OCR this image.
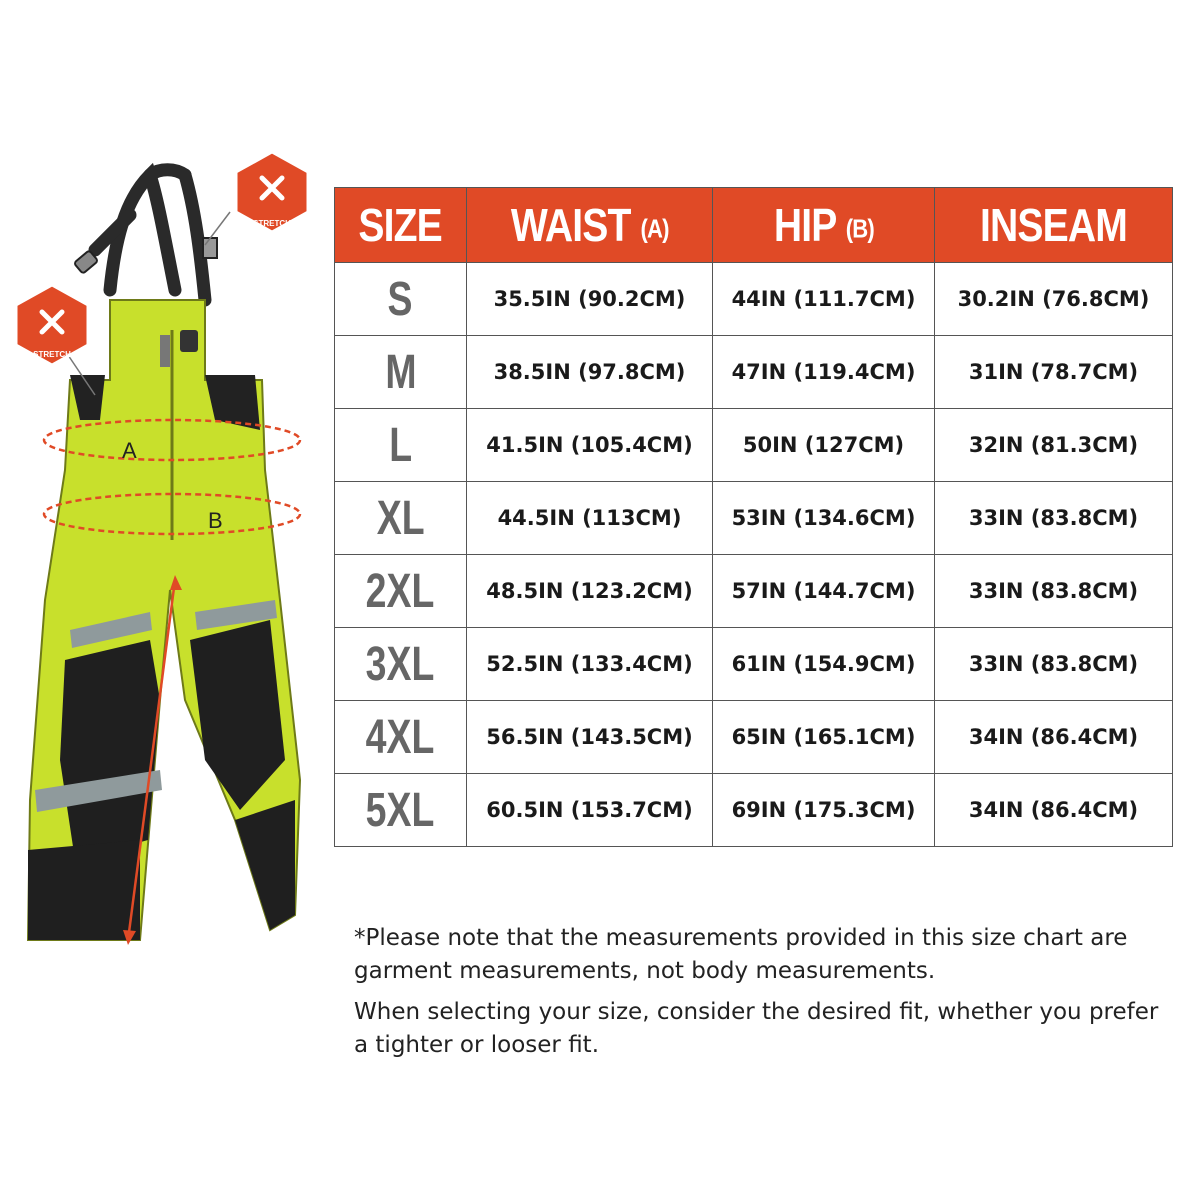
A
B
STRETCH
STRETCH
SIZE	WAIST (A)	HIP (B)	INSEAM
S	35.5IN (90.2CM)	44IN (111.7CM)	30.2IN (76.8CM)
M	38.5IN (97.8CM)	47IN (119.4CM)	31IN (78.7CM)
L	41.5IN (105.4CM)	50IN (127CM)	32IN (81.3CM)
XL	44.5IN (113CM)	53IN (134.6CM)	33IN (83.8CM)
2XL	48.5IN (123.2CM)	57IN (144.7CM)	33IN (83.8CM)
3XL	52.5IN (133.4CM)	61IN (154.9CM)	33IN (83.8CM)
4XL	56.5IN (143.5CM)	65IN (165.1CM)	34IN (86.4CM)
5XL	60.5IN (153.7CM)	69IN (175.3CM)	34IN (86.4CM)

*Please note that the measurements provided in this size chart are garment measurements, not body measurements.

When selecting your size, consider the desired fit, whether you prefer a tighter or looser fit.
